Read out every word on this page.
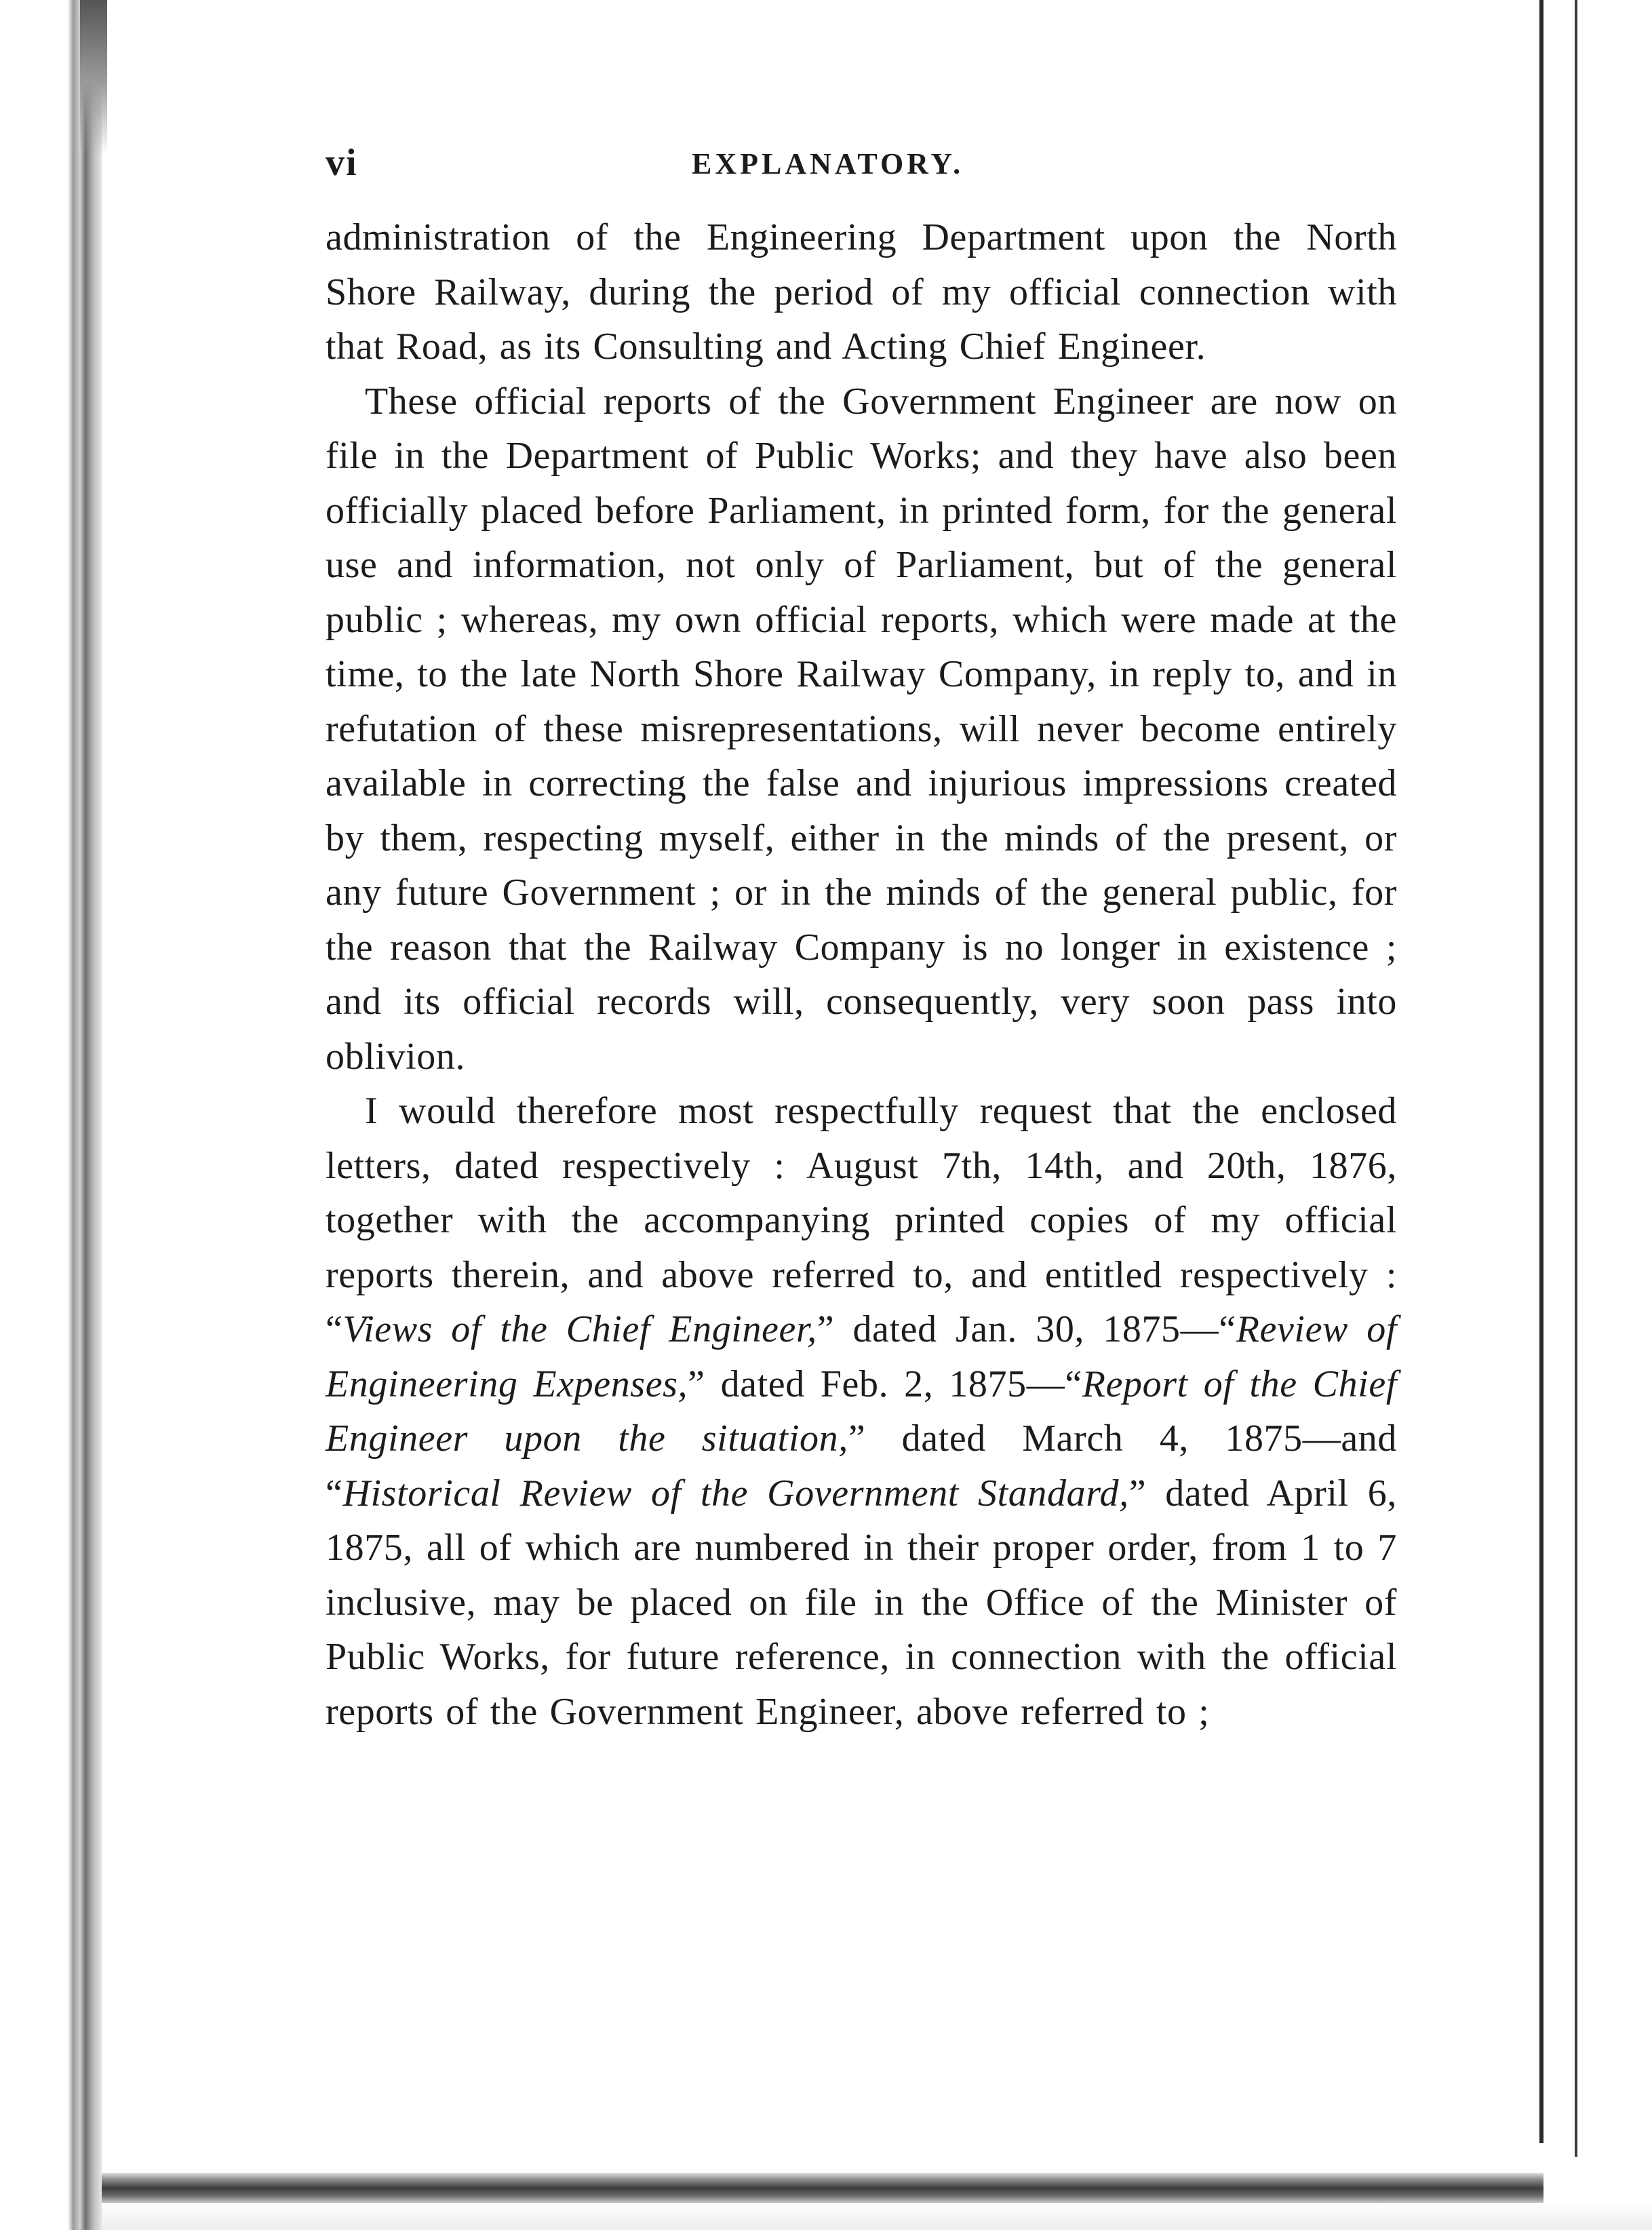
vi	EXPLANATORY.

administration of the Engineering Department upon the North Shore Railway, during the period of my official connection with that Road, as its Consulting and Acting Chief Engineer.

These official reports of the Government Engineer are now on file in the Department of Public Works; and they have also been officially placed before Parliament, in printed form, for the general use and information, not only of Parliament, but of the general public ; whereas, my own official reports, which were made at the time, to the late North Shore Railway Company, in reply to, and in refutation of these misrepresentations, will never become entirely available in correcting the false and injurious impressions created by them, respecting myself, either in the minds of the present, or any future Government ; or in the minds of the general public, for the reason that the Railway Company is no longer in existence ; and its official records will, consequently, very soon pass into oblivion.

I would therefore most respectfully request that the enclosed letters, dated respectively : August 7th, 14th, and 20th, 1876, together with the accompanying printed copies of my official reports therein, and above referred to, and entitled respectively : “Views of the Chief Engineer,” dated Jan. 30, 1875—“Review of Engineering Expenses,” dated Feb. 2, 1875—“Report of the Chief Engineer upon the situation,” dated March 4, 1875—and “Historical Review of the Government Standard,” dated April 6, 1875, all of which are numbered in their proper order, from 1 to 7 inclusive, may be placed on file in the Office of the Minister of Public Works, for future reference, in connection with the official reports of the Government Engineer, above referred to ;
